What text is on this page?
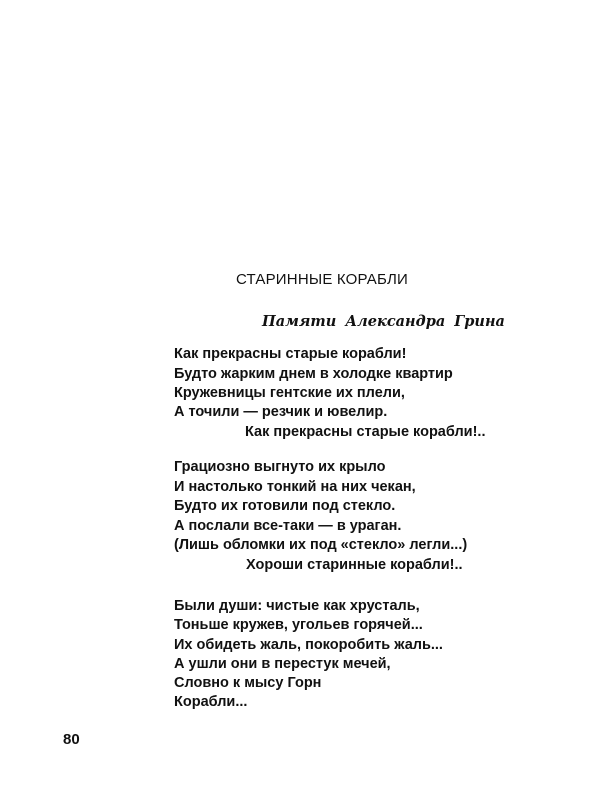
СТАРИННЫЕ КОРАБЛИ
Памяти Александра Грина
Как прекрасны старые корабли!
Будто жарким днем в холодке квартир
Кружевницы гентские их плели,
А точили — резчик и ювелир.
Как прекрасны старые корабли!..
Грациозно выгнуто их крыло
И настолько тонкий на них чекан,
Будто их готовили под стекло.
А послали все-таки — в ураган.
(Лишь обломки их под «стекло» легли...)
Хороши старинные корабли!..
Были души: чистые как хрусталь,
Тоньше кружев, угольев горячей...
Их обидеть жаль, покоробить жаль...
А ушли они в перестук мечей,
Словно к мысу Горн
Корабли...
80
